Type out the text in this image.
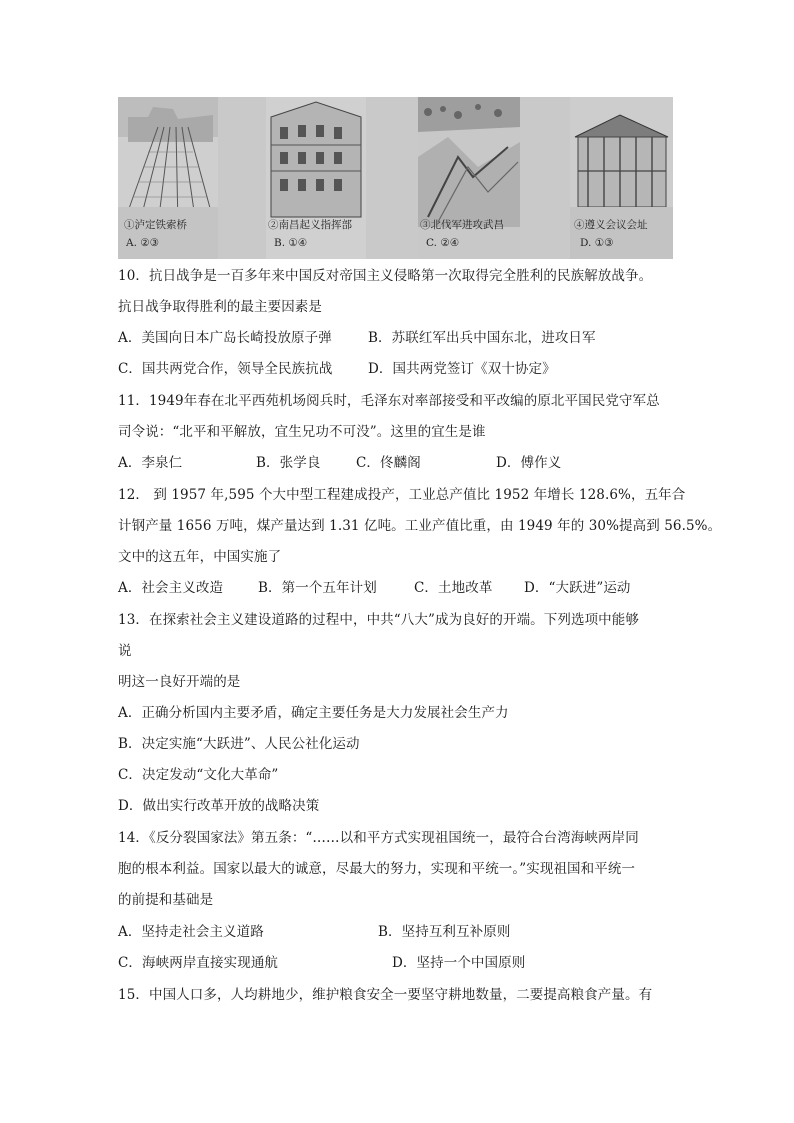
①泸定铁索桥
A. ②③
②南昌起义指挥部
B. ①④
③北伐军进攻武昌
C. ②④
④遵义会议会址
D. ①③
10．抗日战争是一百多年来中国反对帝国主义侵略第一次取得完全胜利的民族解放战争。
抗日战争取得胜利的最主要因素是
A．美国向日本广岛长崎投放原子弹	B．苏联红军出兵中国东北，进攻日军
C．国共两党合作，领导全民族抗战	D．国共两党签订《双十协定》
11．1949年春在北平西苑机场阅兵时，毛泽东对率部接受和平改编的原北平国民党守军总
司令说：“北平和平解放，宜生兄功不可没”。这里的宜生是谁
A．李泉仁	B．张学良	C．佟麟阁	D．傅作义
12． 到 1957 年,595 个大中型工程建成投产，工业总产值比 1952 年增长 128.6%，五年合
计钢产量 1656 万吨，煤产量达到 1.31 亿吨。工业产值比重，由 1949 年的 30%提高到 56.5%。
文中的这五年，中国实施了
A．社会主义改造	B．第一个五年计划	C．土地改革 D．“大跃进”运动
13．在探索社会主义建设道路的过程中，中共“八大”成为良好的开端。下列选项中能够
说
明这一良好开端的是
A．正确分析国内主要矛盾，确定主要任务是大力发展社会生产力
B．决定实施“大跃进”、人民公社化运动
C．决定发动“文化大革命”
D．做出实行改革开放的战略决策
14．《反分裂国家法》第五条：“……以和平方式实现祖国统一，最符合台湾海峡两岸同
胞的根本利益。国家以最大的诚意，尽最大的努力，实现和平统一。”实现祖国和平统一
的前提和基础是
A．坚持走社会主义道路	B．坚持互利互补原则
C．海峡两岸直接实现通航	D．坚持一个中国原则
15．中国人口多，人均耕地少，维护粮食安全一要坚守耕地数量，二要提高粮食产量。有
